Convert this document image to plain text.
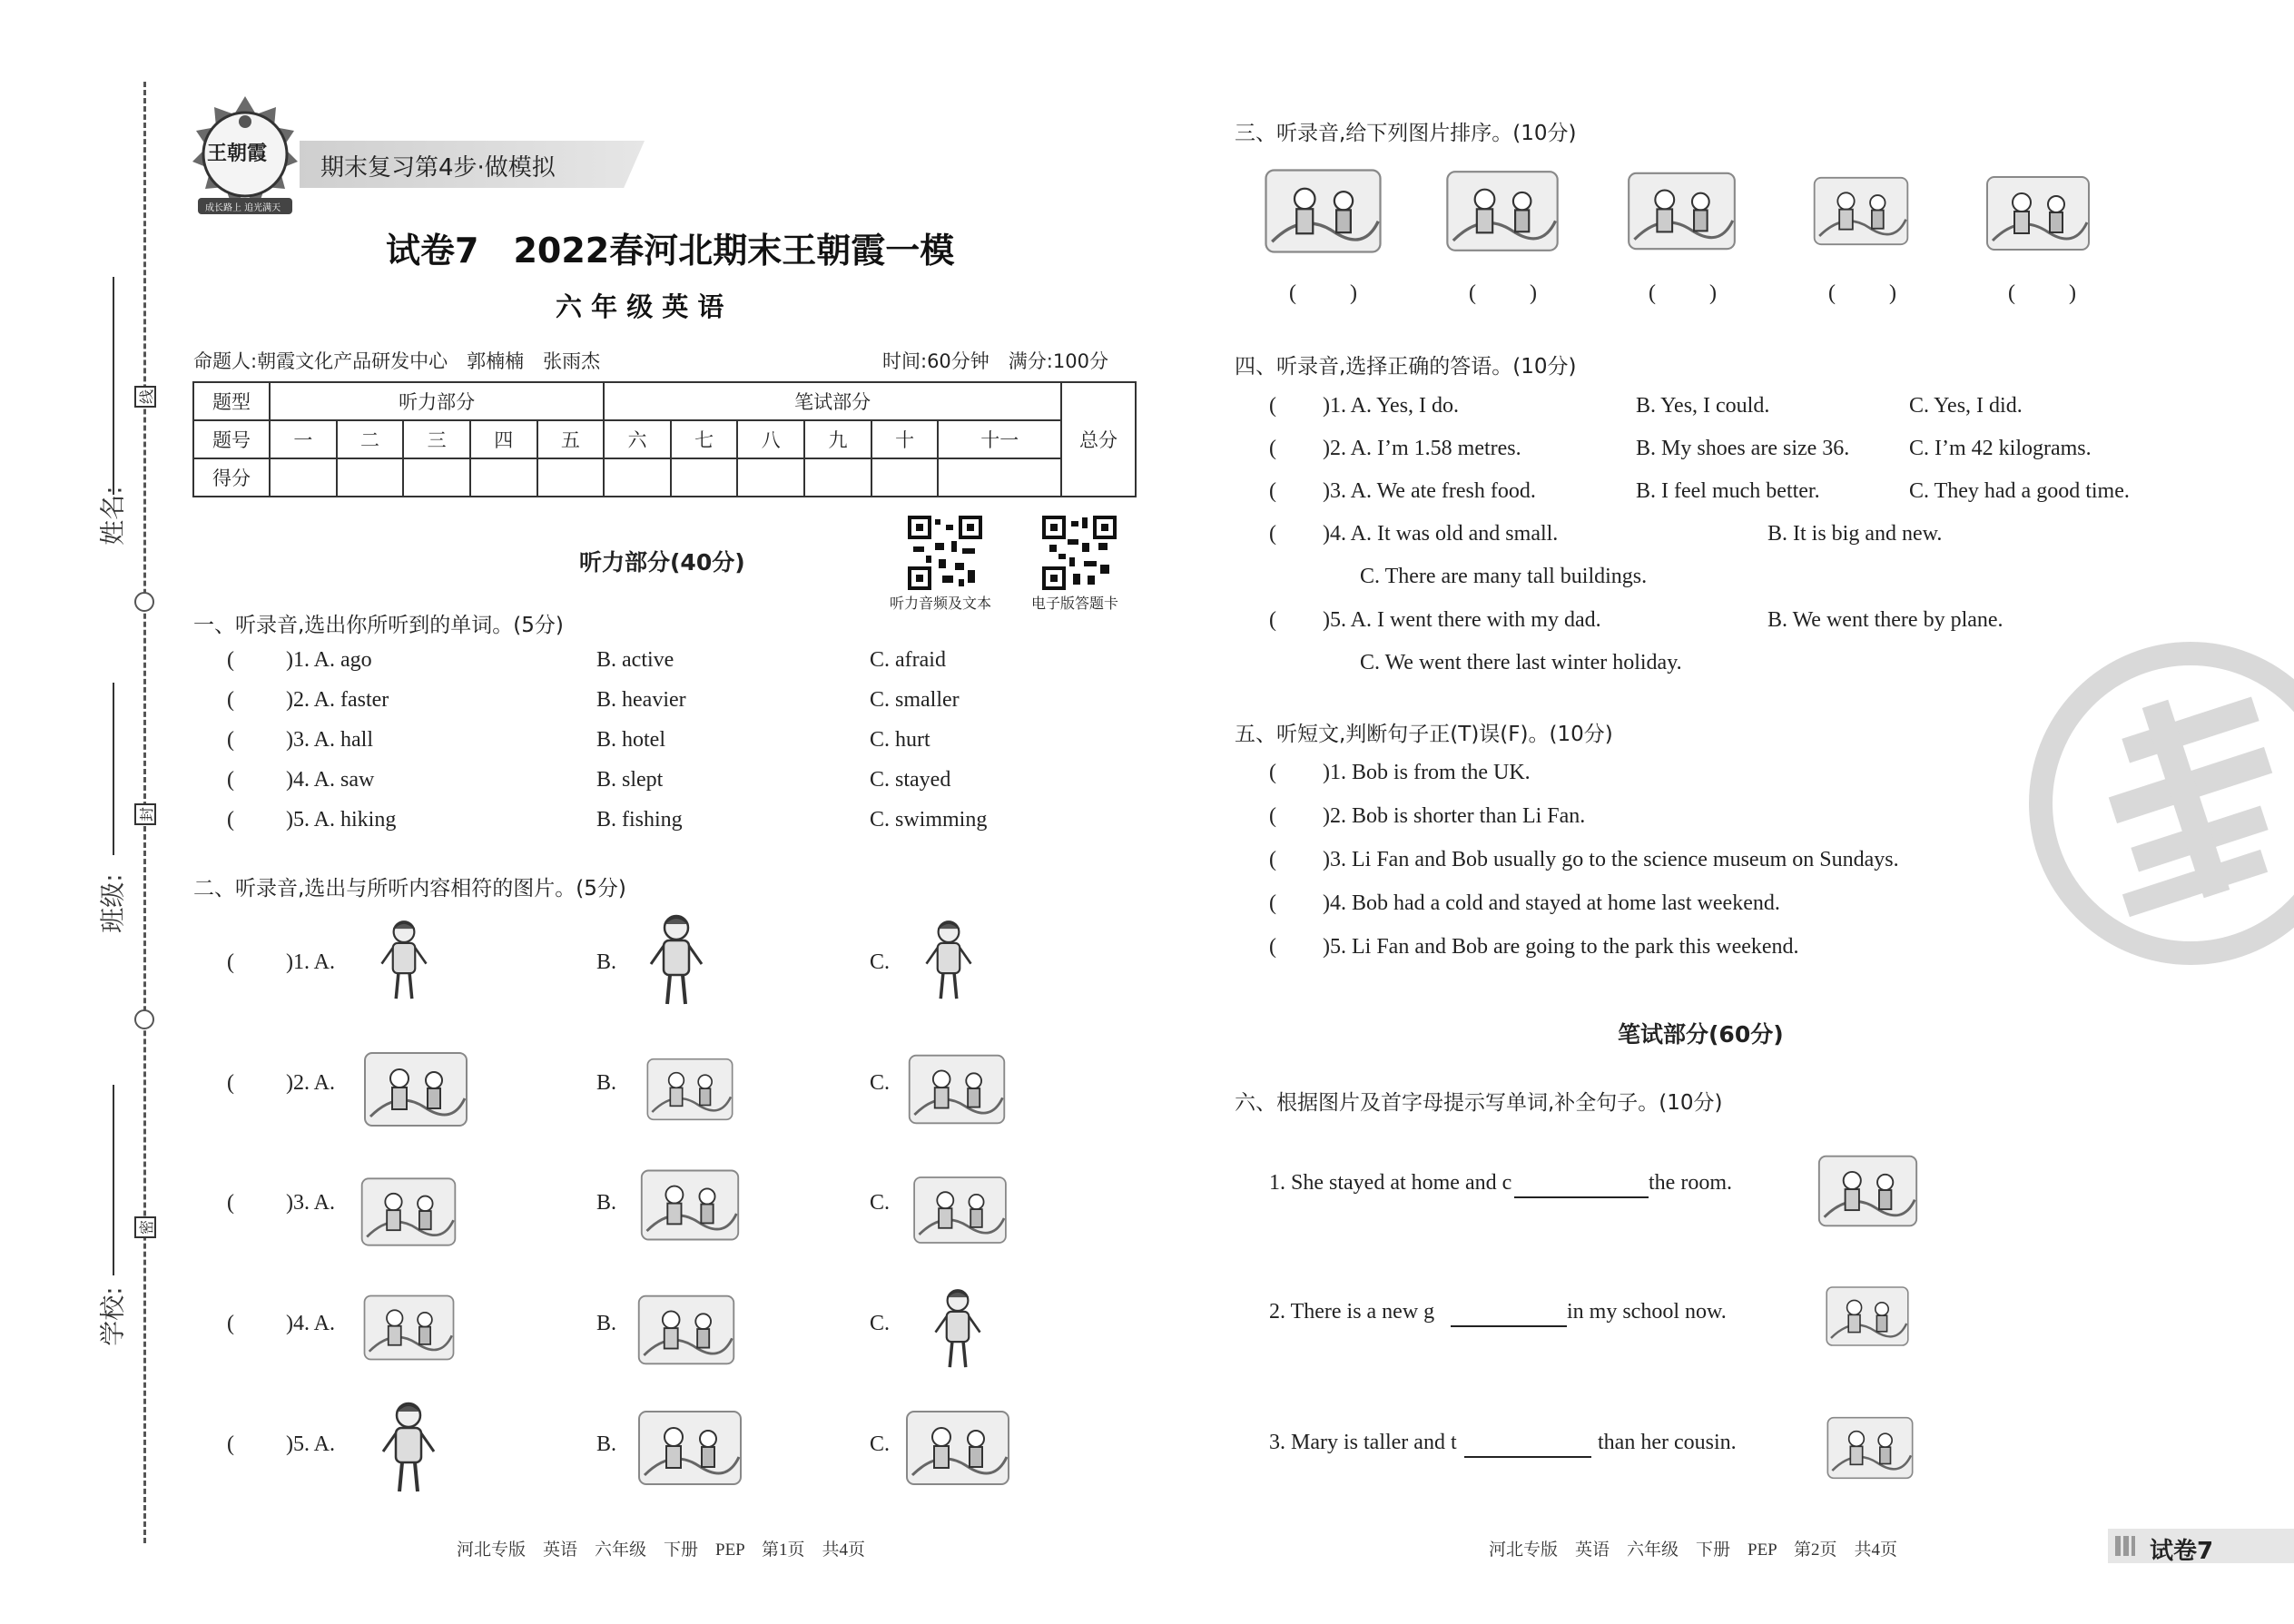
线
封
密
姓名:
班级:
学校:
王朝霞
成长路上 追光满天
期末复习第4步·做模拟
试卷7　2022春河北期末王朝霞一模
六 年 级 英 语
命题人:朝霞文化产品研发中心　郭楠楠　张雨杰	时间:60分钟　满分:100分
题型	听力部分					笔试部分						总分
题号	一	二	三	四	五	六	七	八	九	十	十一	
得分												
听力部分(40分)
听力音频及文本	电子版答题卡
一、听录音,选出你所听到的单词。(5分)
( )1. A. ago	B. active	C. afraid
( )2. A. faster	B. heavier	C. smaller
( )3. A. hall	B. hotel	C. hurt
( )4. A. saw	B. slept	C. stayed
( )5. A. hiking	B. fishing	C. swimming
二、听录音,选出与所听内容相符的图片。(5分)
( )1. A.	B.	C.
( )2. A.	B.	C.
( )3. A.	B.	C.
( )4. A.	B.	C.
( )5. A.	B.	C.
河北专版　英语　六年级　下册　PEP　第1页　共4页
三、听录音,给下列图片排序。(10分)
( )	( )	( )	( )	( )
四、听录音,选择正确的答语。(10分)
( )1. A. Yes, I do.	B. Yes, I could.	C. Yes, I did.
( )2. A. I’m 1.58 metres.	B. My shoes are size 36.	C. I’m 42 kilograms.
( )3. A. We ate fresh food.	B. I feel much better.	C. They had a good time.
( )4. A. It was old and small.	B. It is big and new.
C. There are many tall buildings.
( )5. A. I went there with my dad.	B. We went there by plane.
C. We went there last winter holiday.
五、听短文,判断句子正(T)误(F)。(10分)
( )1. Bob is from the UK.
( )2. Bob is shorter than Li Fan.
( )3. Li Fan and Bob usually go to the science museum on Sundays.
( )4. Bob had a cold and stayed at home last weekend.
( )5. Li Fan and Bob are going to the park this weekend.
笔试部分(60分)
六、根据图片及首字母提示写单词,补全句子。(10分)
1. She stayed at home and c	the room.
2. There is a new g	in my school now.
3. Mary is taller and t	than her cousin.
河北专版　英语　六年级　下册　PEP　第2页　共4页	试卷7
